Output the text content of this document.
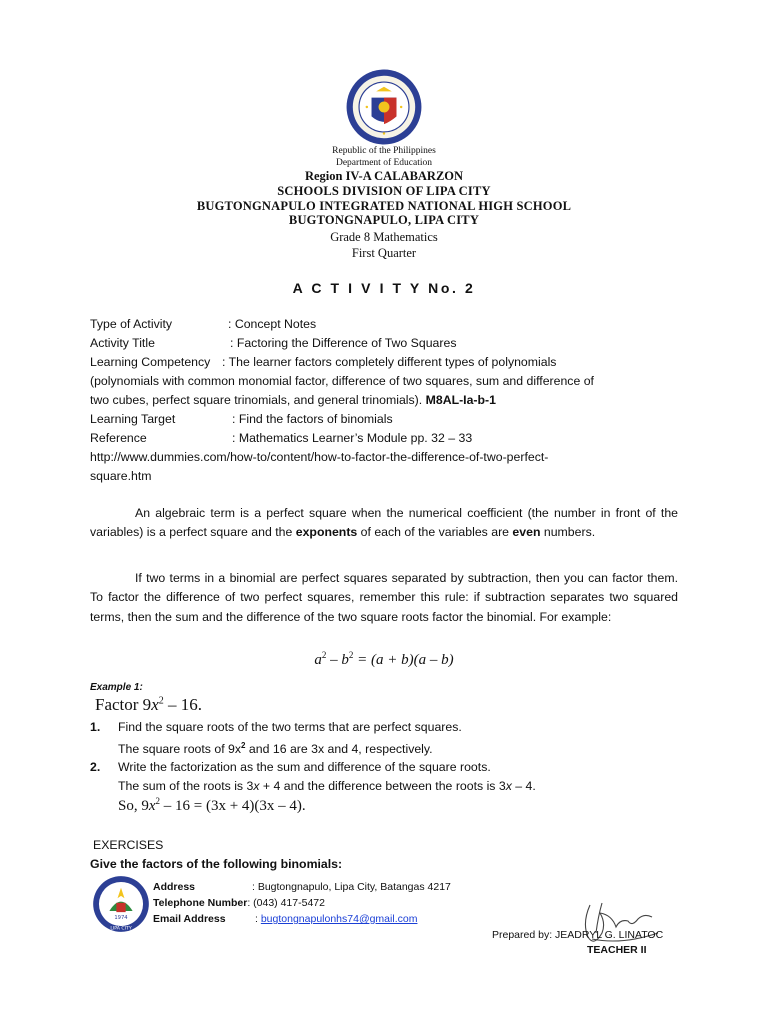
Republic of the Philippines
Department of Education
Region IV-A CALABARZON
SCHOOLS DIVISION OF LIPA CITY
BUGTONGNAPULO INTEGRATED NATIONAL HIGH SCHOOL
BUGTONGNAPULO, LIPA CITY
Grade 8 Mathematics
First Quarter
A C T I V I T Y No. 2
Type of Activity	: Concept Notes
Activity Title	: Factoring the Difference of Two Squares
Learning Competency : The learner factors completely different types of polynomials
(polynomials with common monomial factor, difference of two squares, sum and difference of
two cubes, perfect square trinomials, and general trinomials). M8AL-Ia-b-1
Learning Target	: Find the factors of binomials
Reference	: Mathematics Learner’s Module pp. 32 – 33
http://www.dummies.com/how-to/content/how-to-factor-the-difference-of-two-perfect-
square.htm
An algebraic term is a perfect square when the numerical coefficient (the number in front of the variables) is a perfect square and the exponents of each of the variables are even numbers.
If two terms in a binomial are perfect squares separated by subtraction, then you can factor them. To factor the difference of two perfect squares, remember this rule: if subtraction separates two squared terms, then the sum and the difference of the two square roots factor the binomial. For example:
$a^2 - b^2 = (a + b)(a - b)$
Example 1:
Factor $9x^2 - 16$.
1. Find the square roots of the two terms that are perfect squares.
The square roots of $9x^2$ and 16 are 3x and 4, respectively.
2. Write the factorization as the sum and difference of the square roots.
The sum of the roots is 3x + 4 and the difference between the roots is 3x – 4.
So, $9x^2 - 16 = (3x + 4)(3x - 4)$.
EXERCISES
Give the factors of the following binomials:
1974
LIPA CITY
Address	: Bugtongnapulo, Lipa City, Batangas 4217
Telephone Number: (043) 417-5472
Email Address	: bugtongnapulonhs74@gmail.com
Prepared by: JEADRYL G. LINATOC
TEACHER II
